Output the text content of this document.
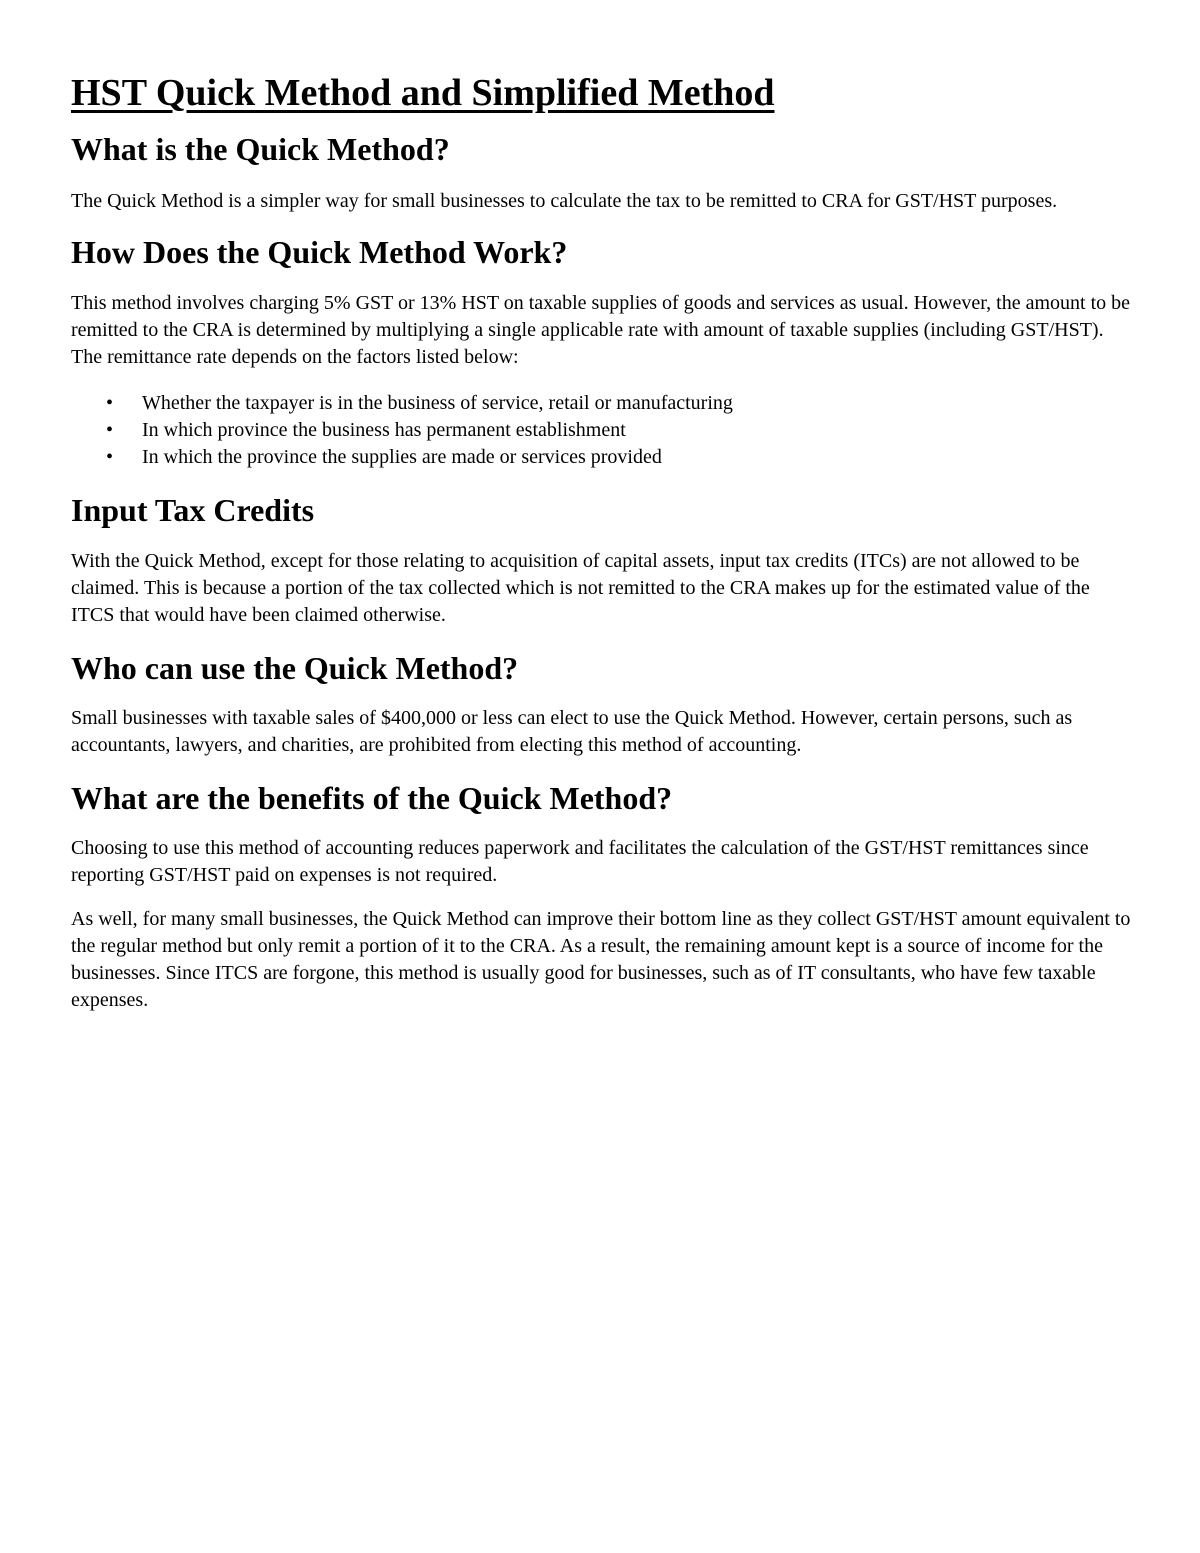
HST Quick Method and Simplified Method
What is the Quick Method?

The Quick Method is a simpler way for small businesses to calculate the tax to be remitted to CRA for GST/HST purposes.

How Does the Quick Method Work?

This method involves charging 5% GST or 13% HST on taxable supplies of goods and services as usual. However, the amount to be remitted to the CRA is determined by multiplying a single applicable rate with amount of taxable supplies (including GST/HST). The remittance rate depends on the factors listed below:

• Whether the taxpayer is in the business of service, retail or manufacturing
• In which province the business has permanent establishment
• In which the province the supplies are made or services provided
Input Tax Credits

With the Quick Method, except for those relating to acquisition of capital assets, input tax credits (ITCs) are not allowed to be claimed. This is because a portion of the tax collected which is not remitted to the CRA makes up for the estimated value of the ITCS that would have been claimed otherwise.

Who can use the Quick Method?

Small businesses with taxable sales of $400,000 or less can elect to use the Quick Method. However, certain persons, such as accountants, lawyers, and charities, are prohibited from electing this method of accounting.

What are the benefits of the Quick Method?

Choosing to use this method of accounting reduces paperwork and facilitates the calculation of the GST/HST remittances since reporting GST/HST paid on expenses is not required.

As well, for many small businesses, the Quick Method can improve their bottom line as they collect GST/HST amount equivalent to the regular method but only remit a portion of it to the CRA. As a result, the remaining amount kept is a source of income for the businesses. Since ITCS are forgone, this method is usually good for businesses, such as of IT consultants, who have few taxable expenses.
